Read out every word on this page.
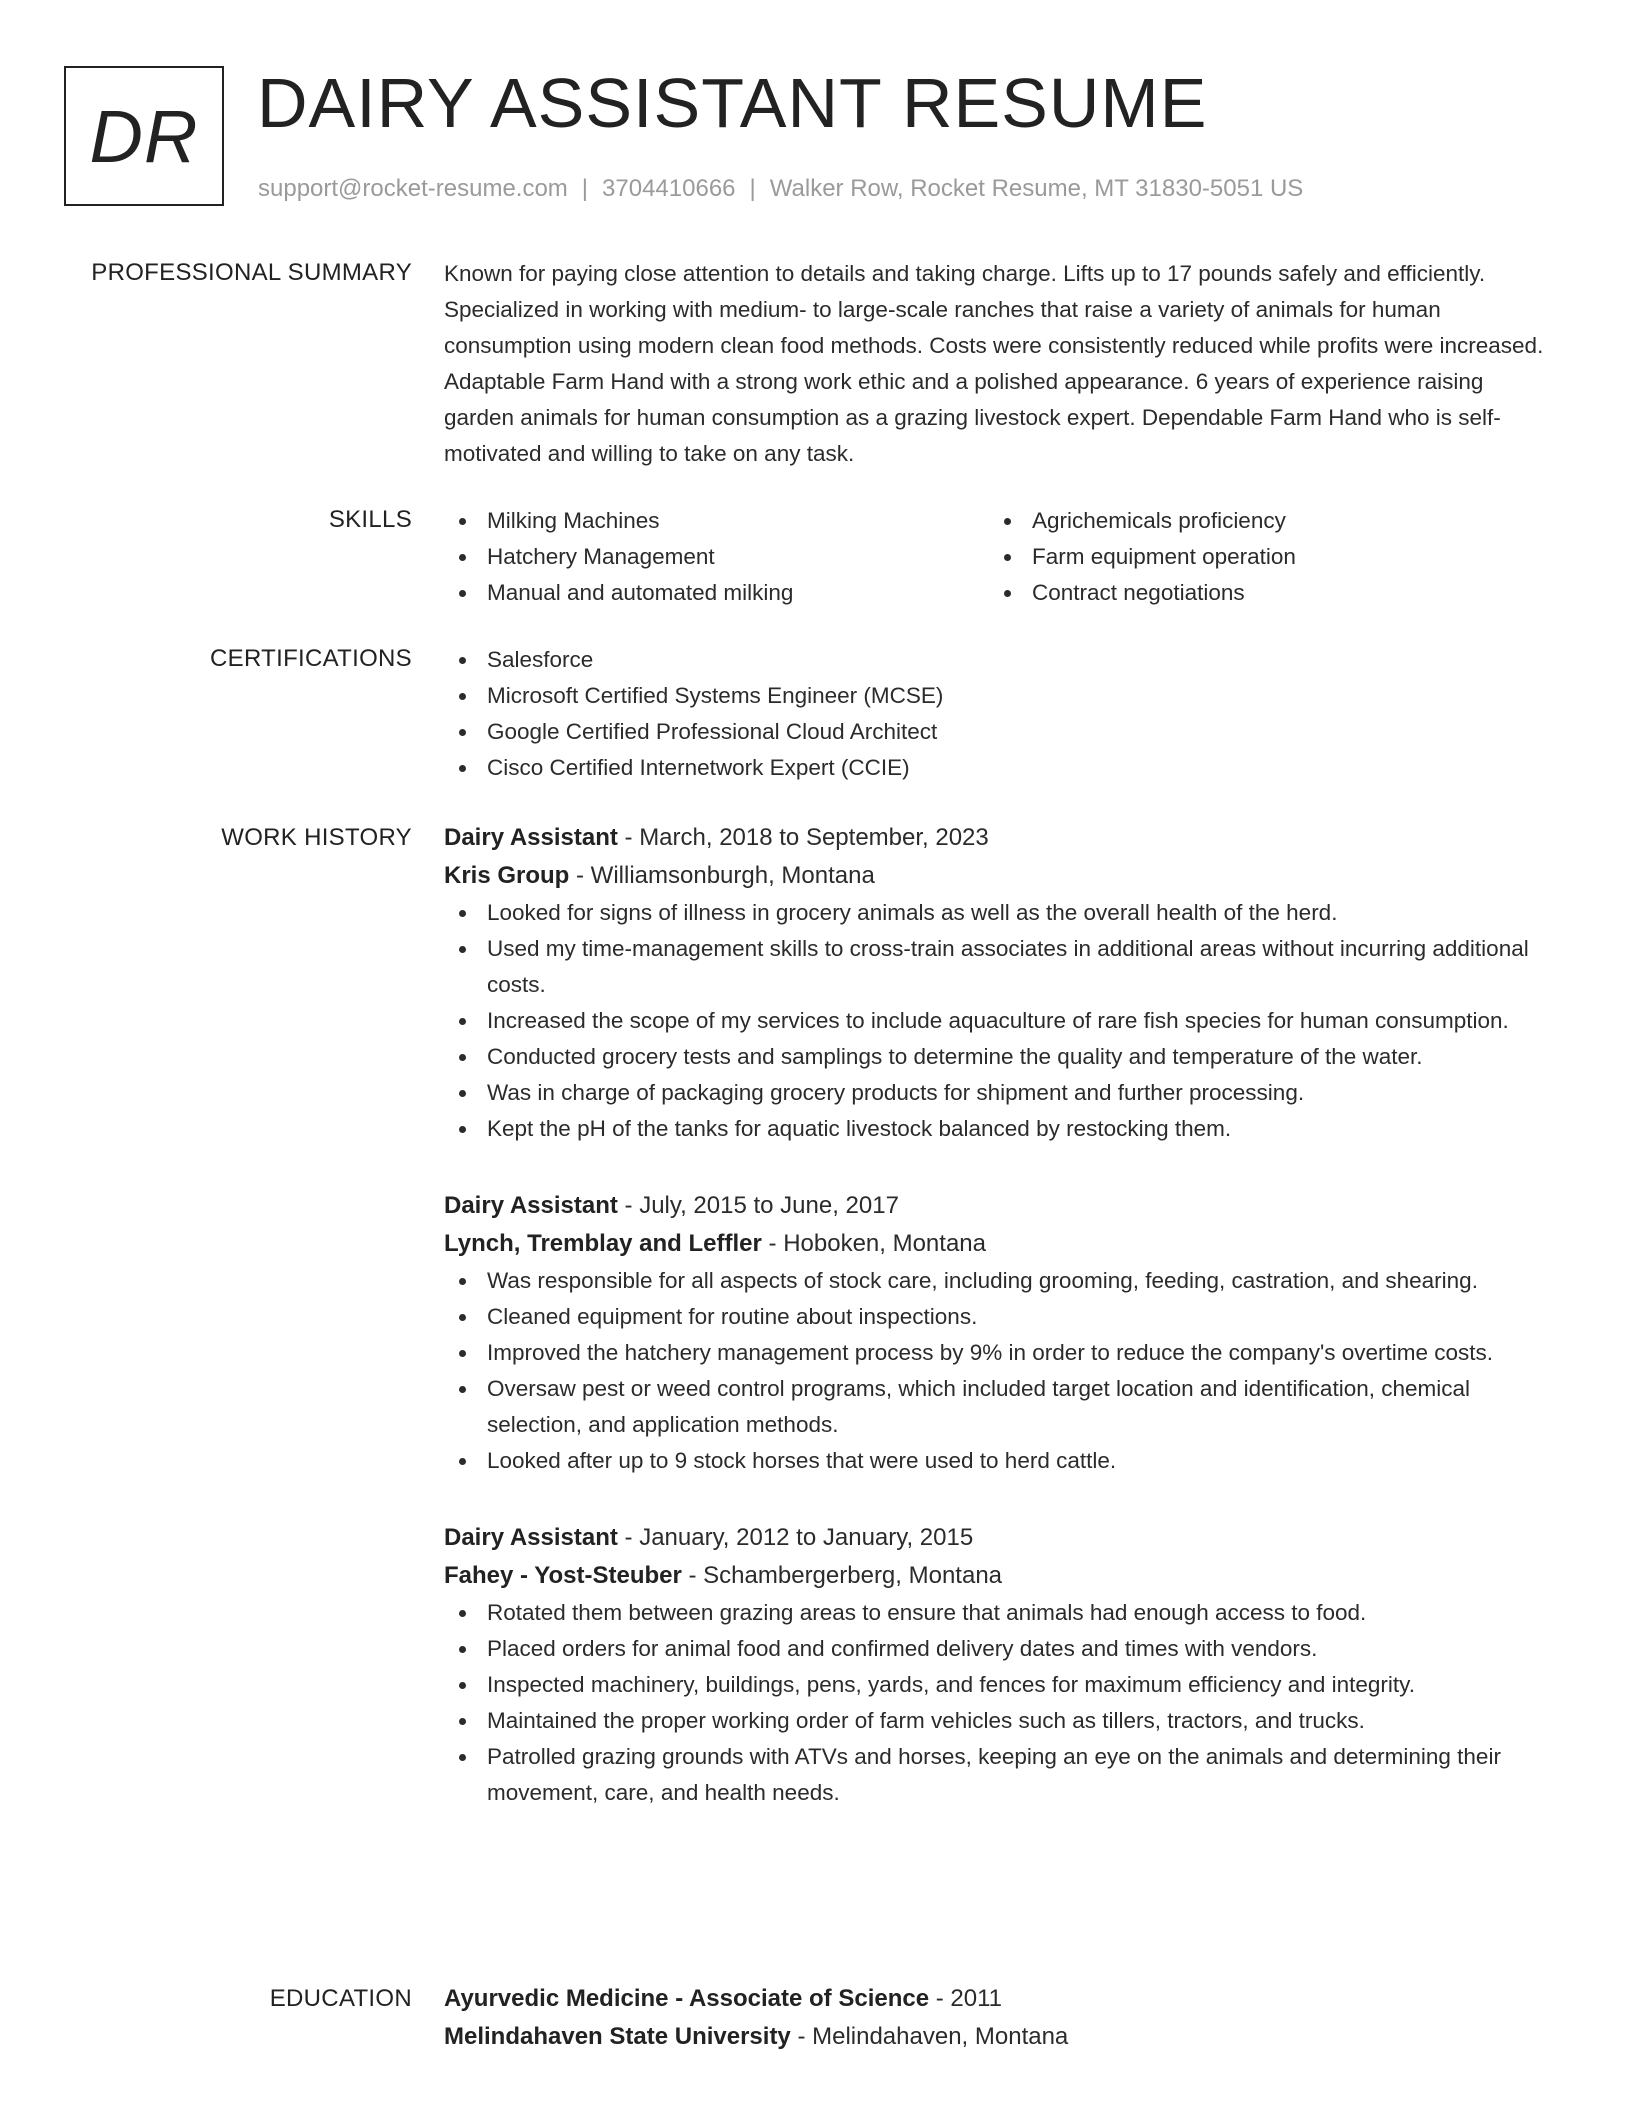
DR DAIRY ASSISTANT RESUME
support@rocket-resume.com | 3704410666 | Walker Row, Rocket Resume, MT 31830-5051 US
PROFESSIONAL SUMMARY Known for paying close attention to details and taking charge. Lifts up to 17 pounds safely and efficiently. Specialized in working with medium- to large-scale ranches that raise a variety of animals for human consumption using modern clean food methods. Costs were consistently reduced while profits were increased. Adaptable Farm Hand with a strong work ethic and a polished appearance. 6 years of experience raising garden animals for human consumption as a grazing livestock expert. Dependable Farm Hand who is self-motivated and willing to take on any task.

SKILLS	Milking Machines
Hatchery Management
Manual and automated milking
Agrichemicals proficiency
Farm equipment operation
Contract negotiations
CERTIFICATIONS	Salesforce
Microsoft Certified Systems Engineer (MCSE)
Google Certified Professional Cloud Architect
Cisco Certified Internetwork Expert (CCIE)
WORK HISTORY Dairy Assistant - March, 2018 to September, 2023
Kris Group - Williamsonburgh, Montana
Looked for signs of illness in grocery animals as well as the overall health of the herd.
Used my time-management skills to cross-train associates in additional areas without incurring additional costs.
Increased the scope of my services to include aquaculture of rare fish species for human consumption.
Conducted grocery tests and samplings to determine the quality and temperature of the water.
Was in charge of packaging grocery products for shipment and further processing.
Kept the pH of the tanks for aquatic livestock balanced by restocking them.
Dairy Assistant - July, 2015 to June, 2017
Lynch, Tremblay and Leffler - Hoboken, Montana
Was responsible for all aspects of stock care, including grooming, feeding, castration, and shearing.
Cleaned equipment for routine about inspections.
Improved the hatchery management process by 9% in order to reduce the company's overtime costs.
Oversaw pest or weed control programs, which included target location and identification, chemical selection, and application methods.
Looked after up to 9 stock horses that were used to herd cattle.
Dairy Assistant - January, 2012 to January, 2015
Fahey - Yost-Steuber - Schambergerberg, Montana
Rotated them between grazing areas to ensure that animals had enough access to food.
Placed orders for animal food and confirmed delivery dates and times with vendors.
Inspected machinery, buildings, pens, yards, and fences for maximum efficiency and integrity.
Maintained the proper working order of farm vehicles such as tillers, tractors, and trucks.
Patrolled grazing grounds with ATVs and horses, keeping an eye on the animals and determining their movement, care, and health needs.
EDUCATION Ayurvedic Medicine - Associate of Science - 2011
Melindahaven State University - Melindahaven, Montana
